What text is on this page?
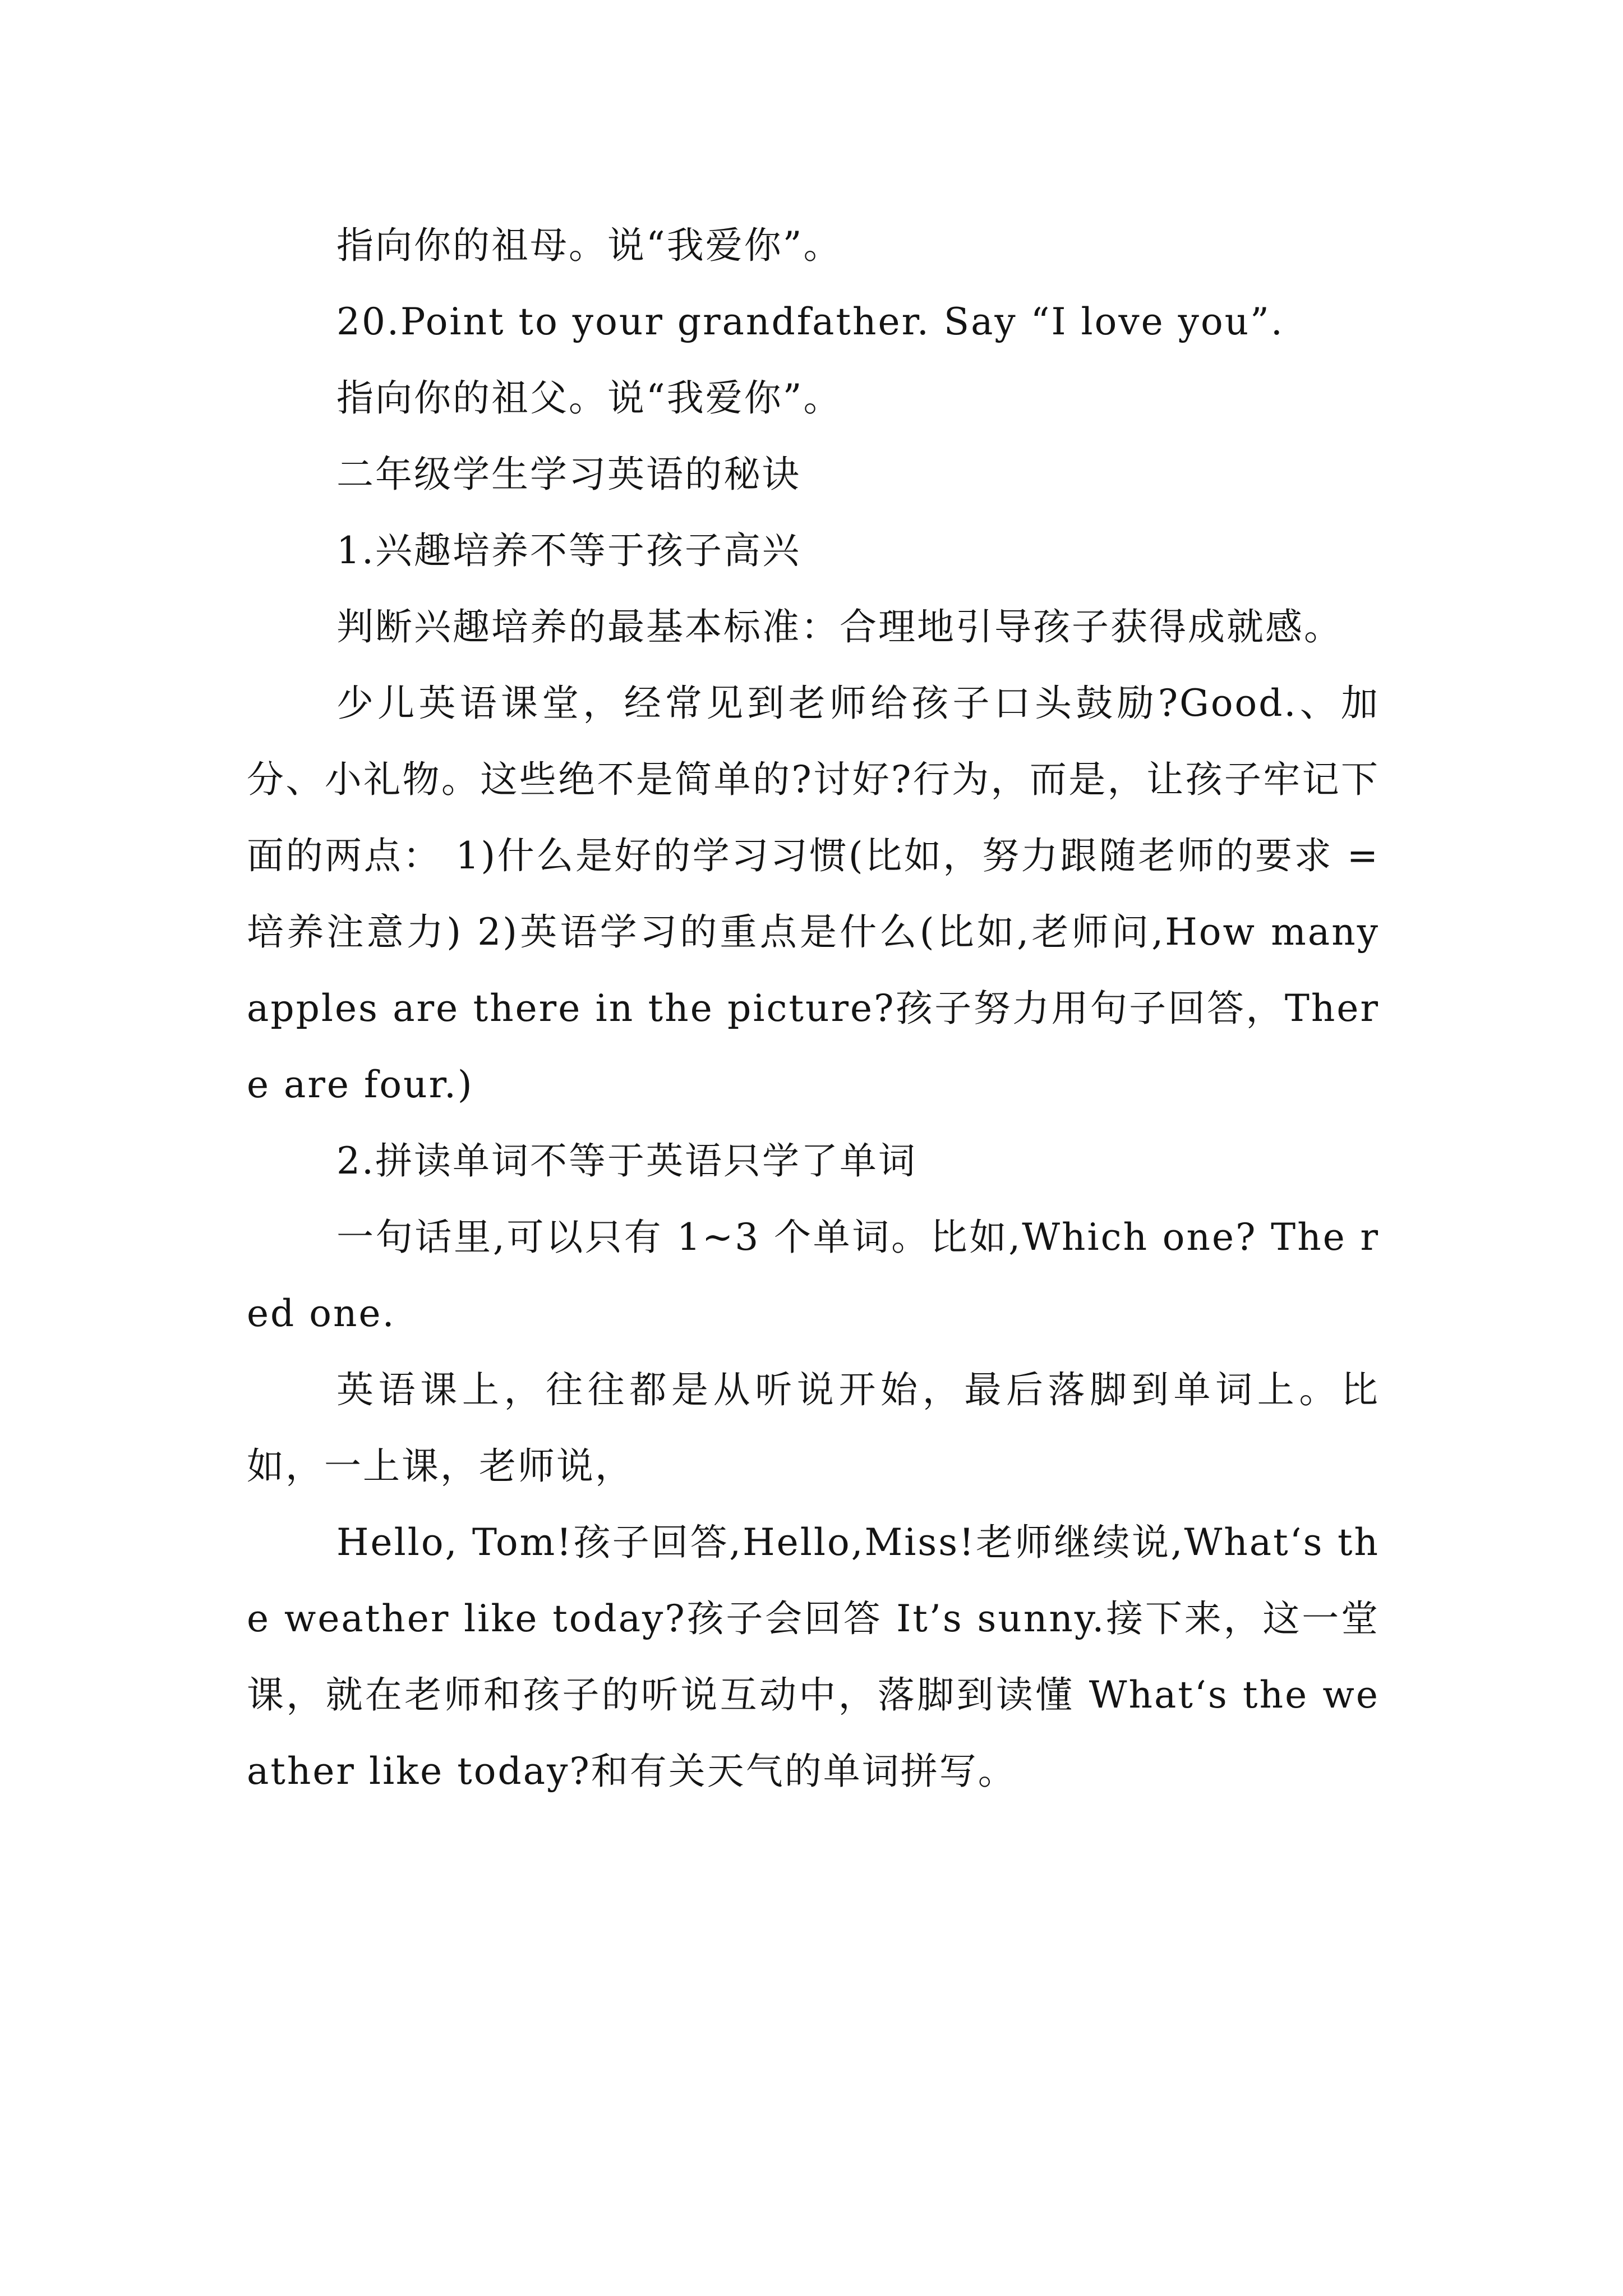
指向你的祖母。说“我爱你”。

20.Point to your grandfather. Say “I love you”.

指向你的祖父。说“我爱你”。

二年级学生学习英语的秘诀

1.兴趣培养不等于孩子高兴

判断兴趣培养的最基本标准：合理地引导孩子获得成就感。

少儿英语课堂，经常见到老师给孩子口头鼓励?Good.、加分、小礼物。这些绝不是简单的?讨好?行为，而是，让孩子牢记下面的两点： 1)什么是好的学习习惯(比如，努力跟随老师的要求 = 培养注意力) 2)英语学习的重点是什么(比如,老师问,How many apples are there in the picture?孩子努力用句子回答，There are four.)

2.拼读单词不等于英语只学了单词

一句话里,可以只有 1~3 个单词。比如,Which one? The red one.

英语课上，往往都是从听说开始，最后落脚到单词上。比如，一上课，老师说，

Hello, Tom!孩子回答,Hello,Miss!老师继续说,What‘s the weather like today?孩子会回答 It’s sunny.接下来，这一堂课，就在老师和孩子的听说互动中，落脚到读懂 What‘s the weather like today?和有关天气的单词拼写。
